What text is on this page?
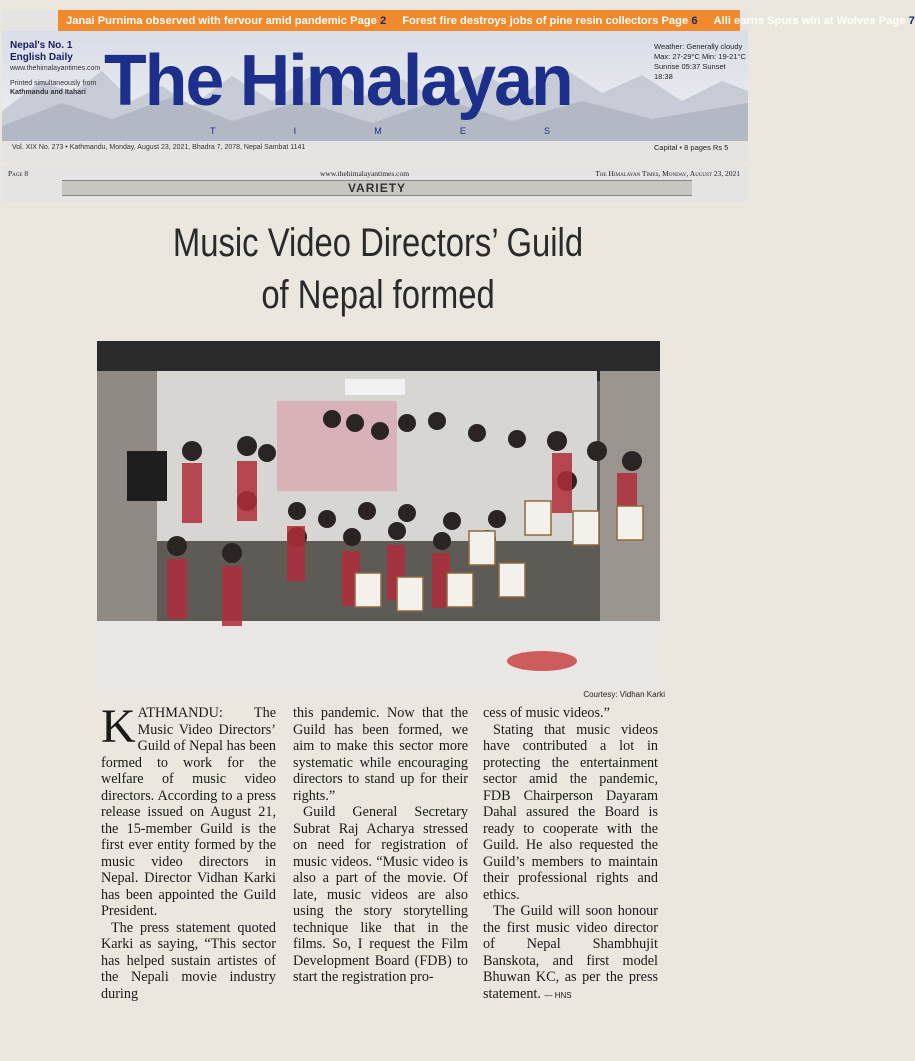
Janai Purnima observed with fervour amid pandemic Page 2 Forest fire destroys jobs of pine resin collectors Page 6 Alli earns Spurs win at Wolves Page 7
Nepal's No. 1
English Daily
www.thehimalayantimes.com
Printed simultaneously from
Kathmandu and Itahari The Himalayan
T	I	M	E	S
Weather: Generally cloudy
Max: 27-29°C Min: 19-21°C
Sunrise 05:37 Sunset 18:38
Vol. XIX No. 273 • Kathmandu, Monday, August 23, 2021, Bhadra 7, 2078, Nepal Sambat 1141	Capital • 8 pages Rs 5
Page 8	www.thehimalayantimes.com	The Himalayan Times, Monday, August 23, 2021
VARIETY
Music Video Directors’ Guild
of Nepal formed
Courtesy: Vidhan Karki

KATHMANDU: The Music Video Directors’ Guild of Nepal has been formed to work for the welfare of music video directors. According to a press release issued on August 21, the 15-member Guild is the first ever entity formed by the music video directors in Nepal. Director Vidhan Karki has been appointed the Guild President.

The press statement quoted Karki as saying, “This sector has helped sustain artistes of the Nepali movie industry during

this pandemic. Now that the Guild has been formed, we aim to make this sector more systematic while encouraging directors to stand up for their rights.”

Guild General Secretary Subrat Raj Acharya stressed on need for registration of music videos. “Music video is also a part of the movie. Of late, music videos are also using the story storytelling technique like that in the films. So, I request the Film Development Board (FDB) to start the registration pro-

cess of music videos.”

Stating that music videos have contributed a lot in protecting the entertainment sector amid the pandemic, FDB Chairperson Dayaram Dahal assured the Board is ready to cooperate with the Guild. He also requested the Guild’s members to maintain their professional rights and ethics.

The Guild will soon honour the first music video director of Nepal Shambhujit Banskota, and first model Bhuwan KC, as per the press statement. — HNS
